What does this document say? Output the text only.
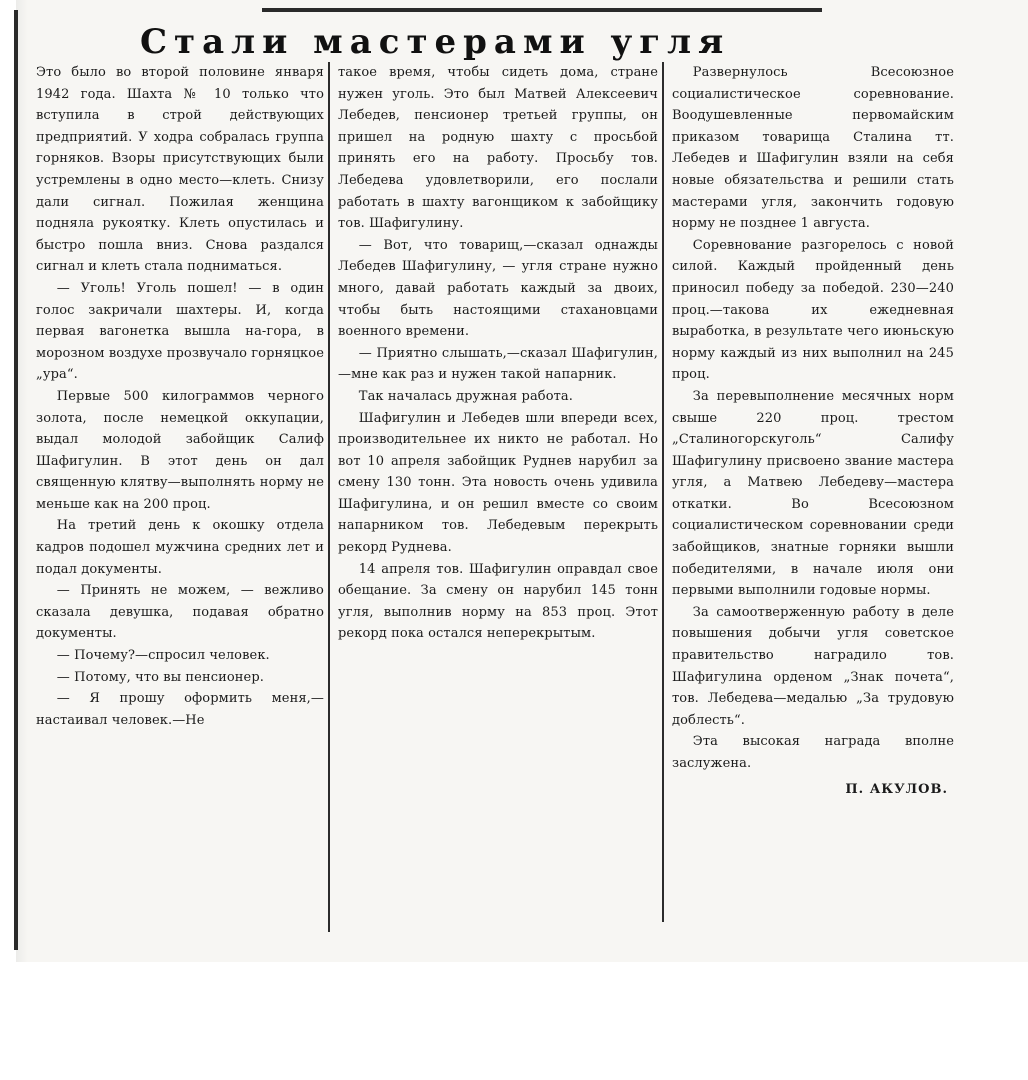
Стали мастерами угля

Это было во второй половине января 1942 года. Шахта № 10 только что вступила в строй действующих предприятий. У ходра собралась группа горняков. Взоры присутствующих были устремлены в одно место—клеть. Снизу дали сигнал. Пожилая женщина подняла рукоятку. Клеть опустилась и быстро пошла вниз. Снова раздался сигнал и клеть стала подниматься.

— Уголь! Уголь пошел! — в один голос закричали шахтеры. И, когда первая вагонетка вышла на-гора, в морозном воздухе прозвучало горняцкое „ура“.

Первые 500 килограммов черного золота, после немецкой оккупации, выдал молодой забойщик Салиф Шафигулин. В этот день он дал священную клятву—выполнять норму не меньше как на 200 проц.

На третий день к окошку отдела кадров подошел мужчина средних лет и подал документы.

— Принять не можем, — вежливо сказала девушка, подавая обратно документы.

— Почему?—спросил человек.

— Потому, что вы пенсионер.

— Я прошу оформить меня,—настаивал человек.—Не

такое время, чтобы сидеть дома, стране нужен уголь. Это был Матвей Алексеевич Лебедев, пенсионер третьей группы, он пришел на родную шахту с просьбой принять его на работу. Просьбу тов. Лебедева удовлетворили, его послали работать в шахту вагонщиком к забойщику тов. Шафигулину.

— Вот, что товарищ,—сказал однажды Лебедев Шафигулину, — угля стране нужно много, давай работать каждый за двоих, чтобы быть настоящими стахановцами военного времени.

— Приятно слышать,—сказал Шафигулин,—мне как раз и нужен такой напарник.

Так началась дружная работа.

Шафигулин и Лебедев шли впереди всех, производительнее их никто не работал. Но вот 10 апреля забойщик Руднев нарубил за смену 130 тонн. Эта новость очень удивила Шафигулина, и он решил вместе со своим напарником тов. Лебедевым перекрыть рекорд Руднева.

14 апреля тов. Шафигулин оправдал свое обещание. За смену он нарубил 145 тонн угля, выполнив норму на 853 проц. Этот рекорд пока остался неперекрытым.

Развернулось Всесоюзное социалистическое соревнование. Воодушевленные первомайским приказом товарища Сталина тт. Лебедев и Шафигулин взяли на себя новые обязательства и решили стать мастерами угля, закончить годовую норму не позднее 1 августа.

Соревнование разгорелось с новой силой. Каждый пройденный день приносил победу за победой. 230—240 проц.—такова их ежедневная выработка, в результате чего июньскую норму каждый из них выполнил на 245 проц.

За перевыполнение месячных норм свыше 220 проц. трестом „Сталиногорскуголь“ Салифу Шафигулину присвоено звание мастера угля, а Матвею Лебедеву—мастера откатки. Во Всесоюзном социалистическом соревновании среди забойщиков, знатные горняки вышли победителями, в начале июля они первыми выполнили годовые нормы.

За самоотверженную работу в деле повышения добычи угля советское правительство наградило тов. Шафигулина орденом „Знак почета“, тов. Лебедева—медалью „За трудовую доблесть“.

Эта высокая награда вполне заслужена.

П. АКУЛОВ.
